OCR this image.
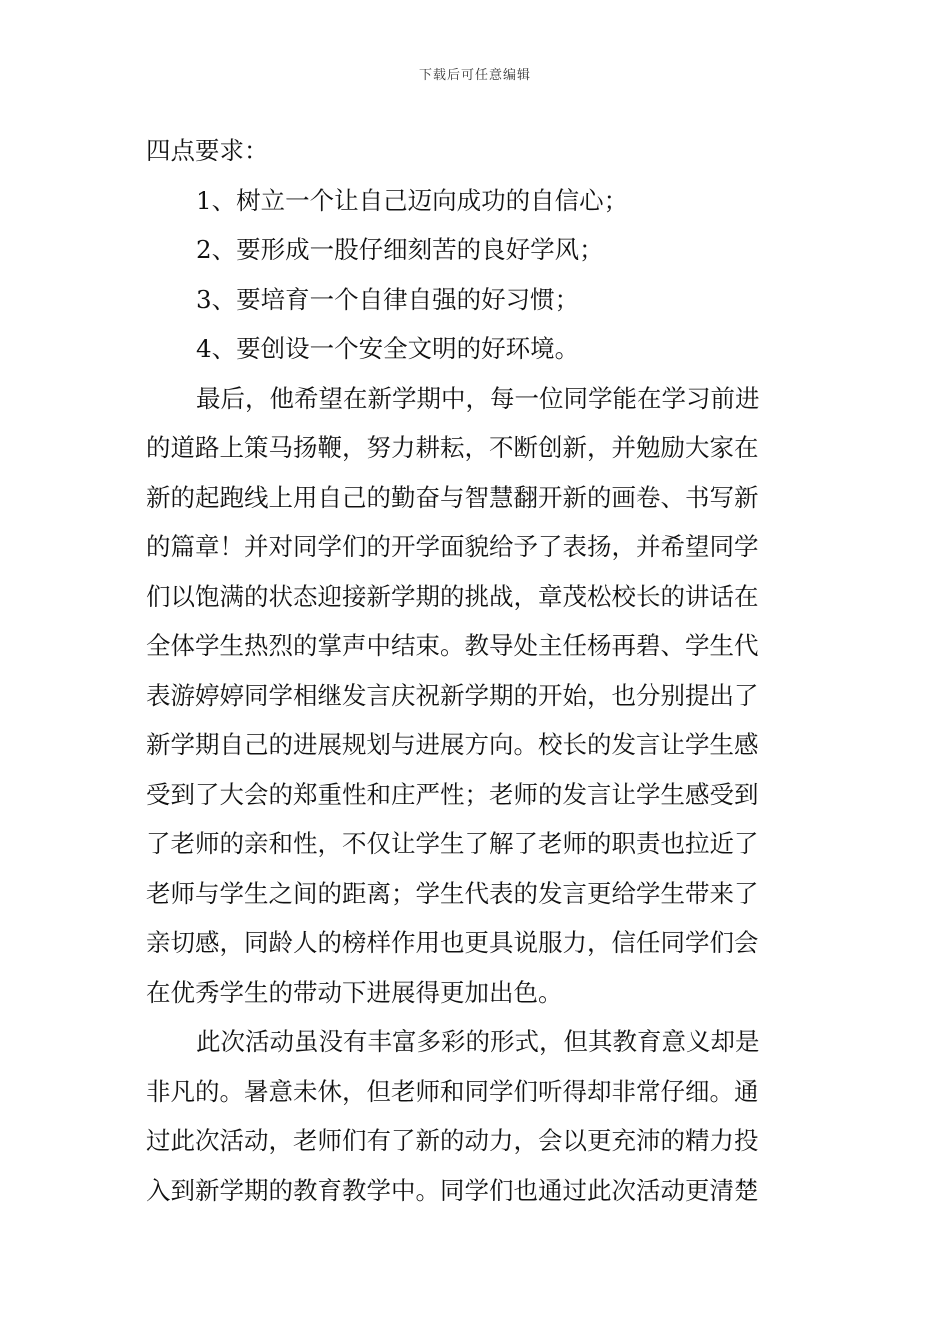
下载后可任意编辑

四点要求：

1、树立一个让自己迈向成功的自信心；

2、要形成一股仔细刻苦的良好学风；

3、要培育一个自律自强的好习惯；

4、要创设一个安全文明的好环境。

最后，他希望在新学期中，每一位同学能在学习前进
的道路上策马扬鞭，努力耕耘，不断创新，并勉励大家在
新的起跑线上用自己的勤奋与智慧翻开新的画卷、书写新
的篇章！并对同学们的开学面貌给予了表扬，并希望同学
们以饱满的状态迎接新学期的挑战，章茂松校长的讲话在
全体学生热烈的掌声中结束。教导处主任杨再碧、学生代
表游婷婷同学相继发言庆祝新学期的开始，也分别提出了
新学期自己的进展规划与进展方向。校长的发言让学生感
受到了大会的郑重性和庄严性；老师的发言让学生感受到
了老师的亲和性，不仅让学生了解了老师的职责也拉近了
老师与学生之间的距离；学生代表的发言更给学生带来了
亲切感，同龄人的榜样作用也更具说服力，信任同学们会
在优秀学生的带动下进展得更加出色。

此次活动虽没有丰富多彩的形式，但其教育意义却是
非凡的。暑意未休，但老师和同学们听得却非常仔细。通
过此次活动，老师们有了新的动力，会以更充沛的精力投
入到新学期的教育教学中。同学们也通过此次活动更清楚
